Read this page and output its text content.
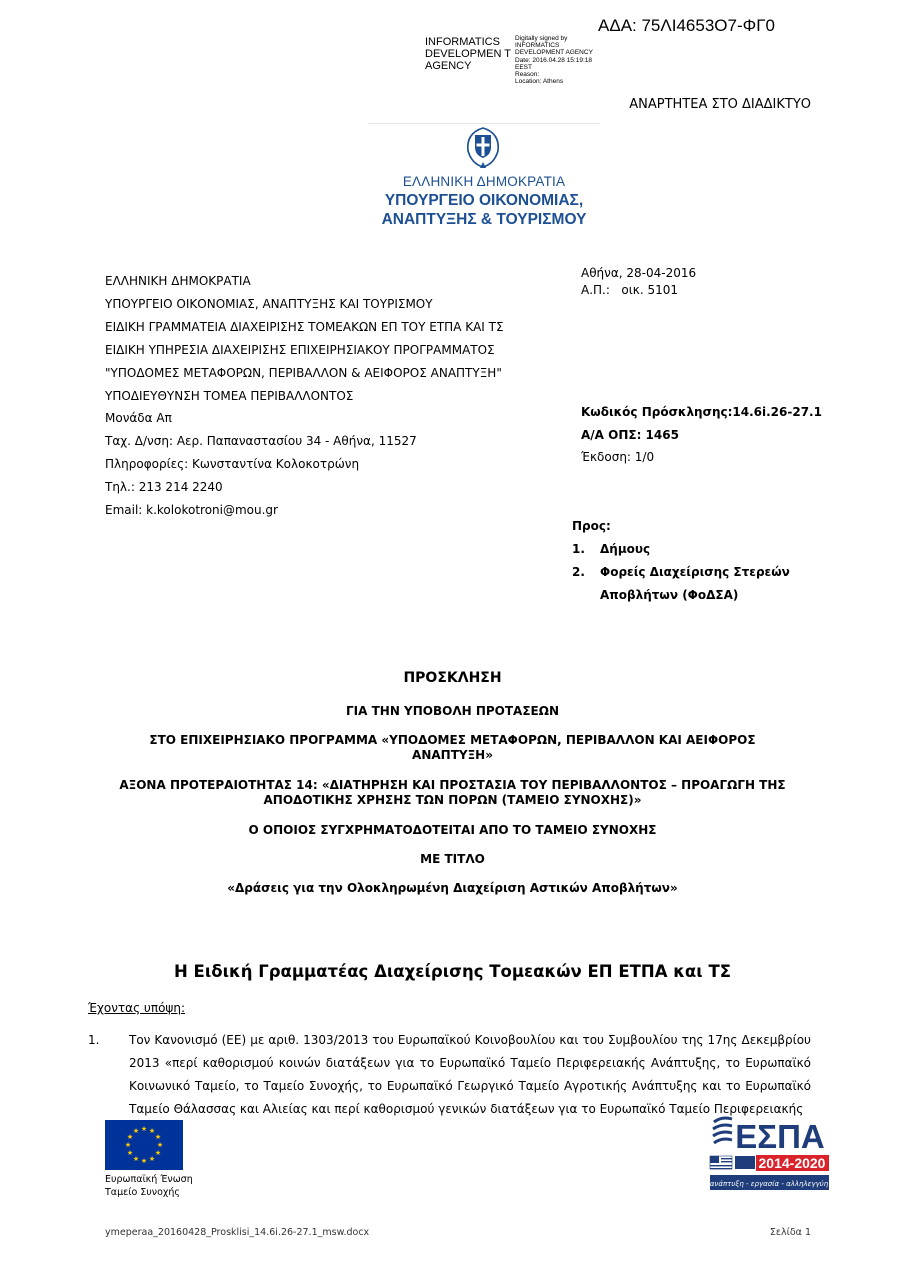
ΑΔΑ: 75ΛΙ4653Ο7-ΦΓ0
INFORMATICS DEVELOPMEN T AGENCY
Digitally signed by
INFORMATICS
DEVELOPMENT AGENCY
Date: 2016.04.28 15:19:18
EEST
Reason:
Location: Athens
ΑΝΑΡΤΗΤΕΑ ΣΤΟ ΔΙΑΔΙΚΤΥΟ
ΕΛΛΗΝΙΚΗ ΔΗΜΟΚΡΑΤΙΑ
ΥΠΟΥΡΓΕΙΟ ΟΙΚΟΝΟΜΙΑΣ,
ΑΝΑΠΤΥΞΗΣ & ΤΟΥΡΙΣΜΟΥ
ΕΛΛΗΝΙΚΗ ΔΗΜΟΚΡΑΤΙΑ
ΥΠΟΥΡΓΕΙΟ ΟΙΚΟΝΟΜΙΑΣ, ΑΝΑΠΤΥΞΗΣ ΚΑΙ ΤΟΥΡΙΣΜΟΥ
ΕΙΔΙΚΗ ΓΡΑΜΜΑΤΕΙΑ ΔΙΑΧΕΙΡΙΣΗΣ ΤΟΜΕΑΚΩΝ ΕΠ ΤΟΥ ΕΤΠΑ ΚΑΙ ΤΣ
ΕΙΔΙΚΗ ΥΠΗΡΕΣΙΑ ΔΙΑΧΕΙΡΙΣΗΣ ΕΠΙΧΕΙΡΗΣΙΑΚΟΥ ΠΡΟΓΡΑΜΜΑΤΟΣ
"ΥΠΟΔΟΜΕΣ ΜΕΤΑΦΟΡΩΝ, ΠΕΡΙΒΑΛΛΟΝ & ΑΕΙΦΟΡΟΣ ΑΝΑΠΤΥΞΗ"
ΥΠΟΔΙΕΥΘΥΝΣΗ ΤΟΜΕΑ ΠΕΡΙΒΑΛΛΟΝΤΟΣ
Μονάδα Απ
Ταχ. Δ/νση: Αερ. Παπαναστασίου 34 - Αθήνα, 11527
Πληροφορίες: Κωνσταντίνα Κολοκοτρώνη
Τηλ.: 213 214 2240
Email: k.kolokotroni@mou.gr
Αθήνα, 28-04-2016
Α.Π.:   οικ. 5101
Κωδικός Πρόσκλησης:14.6i.26-27.1
Α/Α ΟΠΣ: 1465
Έκδοση: 1/0
Προς:
1.	Δήμους
2.	Φορείς Διαχείρισης Στερεών Αποβλήτων (ΦοΔΣΑ)
ΠΡΟΣΚΛΗΣΗ
ΓΙΑ ΤΗΝ ΥΠΟΒΟΛΗ ΠΡΟΤΑΣΕΩΝ
ΣΤΟ ΕΠΙΧΕΙΡΗΣΙΑΚΟ ΠΡΟΓΡΑΜΜΑ «ΥΠΟΔΟΜΕΣ ΜΕΤΑΦΟΡΩΝ, ΠΕΡΙΒΑΛΛΟΝ ΚΑΙ ΑΕΙΦΟΡΟΣ ΑΝΑΠΤΥΞΗ»
ΑΞΟΝΑ ΠΡΟΤΕΡΑΙΟΤΗΤΑΣ 14: «ΔΙΑΤΗΡΗΣΗ ΚΑΙ ΠΡΟΣΤΑΣΙΑ ΤΟΥ ΠΕΡΙΒΑΛΛΟΝΤΟΣ – ΠΡΟΑΓΩΓΗ ΤΗΣ ΑΠΟΔΟΤΙΚΗΣ ΧΡΗΣΗΣ ΤΩΝ ΠΟΡΩΝ (ΤΑΜΕΙΟ ΣΥΝΟΧΗΣ)»
Ο ΟΠΟΙΟΣ ΣΥΓΧΡΗΜΑΤΟΔΟΤΕΙΤΑΙ ΑΠΟ ΤΟ ΤΑΜΕΙΟ ΣΥΝΟΧΗΣ
ΜΕ ΤΙΤΛΟ
«Δράσεις για την Ολοκληρωμένη Διαχείριση Αστικών Αποβλήτων»
Η Ειδική Γραμματέας Διαχείρισης Τομεακών ΕΠ ΕΤΠΑ και ΤΣ
Έχοντας υπόψη:
1.	Τον Κανονισμό (ΕΕ) με αριθ. 1303/2013 του Ευρωπαϊκού Κοινοβουλίου και του Συμβουλίου της 17ης Δεκεμβρίου 2013 «περί καθορισμού κοινών διατάξεων για το Ευρωπαϊκό Ταμείο Περιφερειακής Ανάπτυξης, το Ευρωπαϊκό Κοινωνικό Ταμείο, το Ταμείο Συνοχής, το Ευρωπαϊκό Γεωργικό Ταμείο Αγροτικής Ανάπτυξης και το Ευρωπαϊκό Ταμείο Θάλασσας και Αλιείας και περί καθορισμού γενικών διατάξεων για το Ευρωπαϊκό Ταμείο Περιφερειακής
★ ★
★
★
★
★
★
★
★
★
★
★
Ευρωπαϊκή Ένωση
Ταμείο Συνοχής
ΕΣΠΑ
2014-2020
ανάπτυξη - εργασία - αλληλεγγύη
ymeperaa_20160428_Prosklisi_14.6i.26-27.1_msw.docx	Σελίδα 1
